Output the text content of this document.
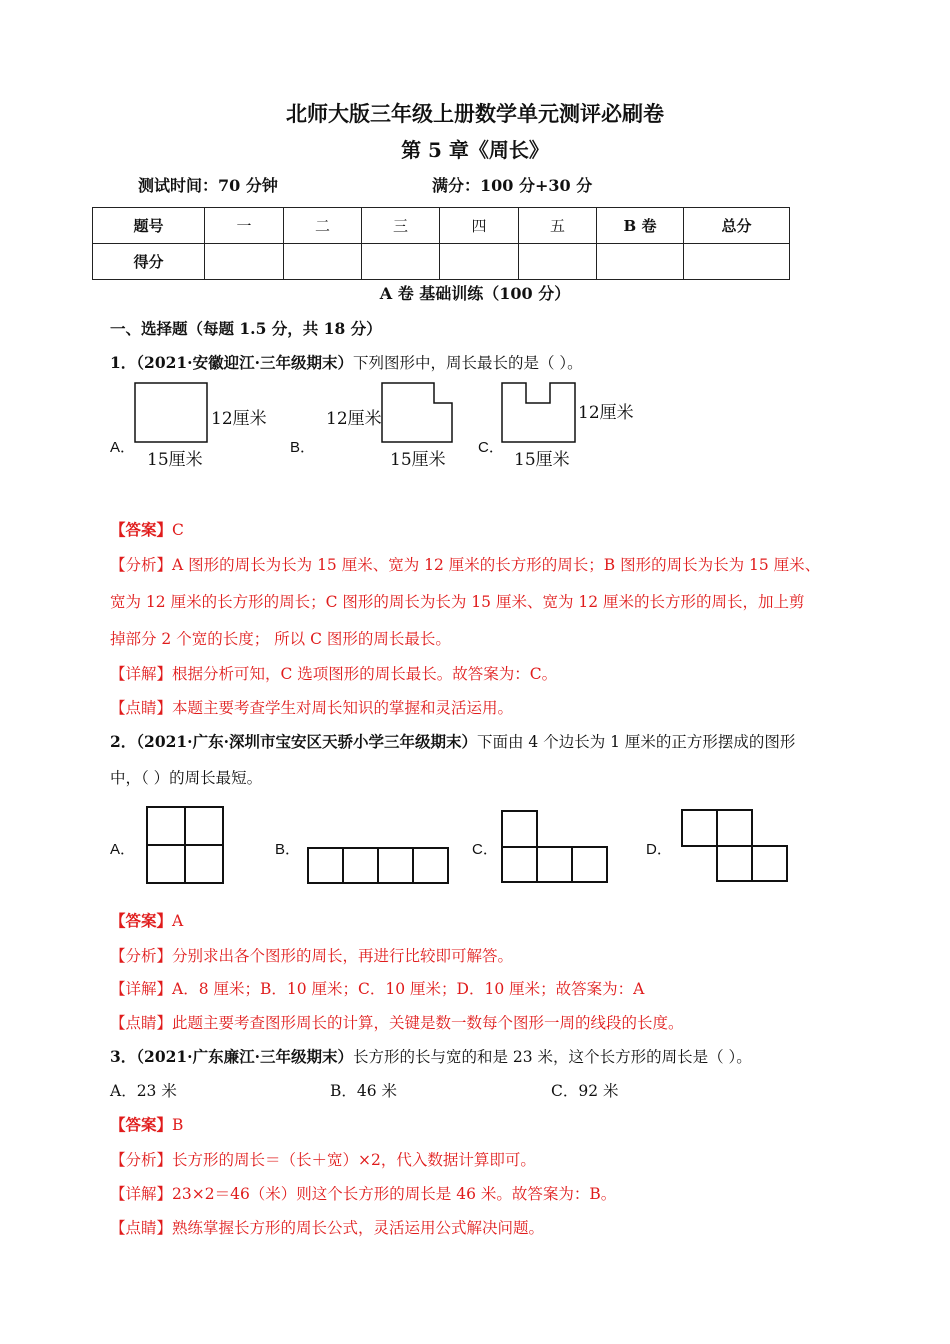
北师大版三年级上册数学单元测评必刷卷
第 5 章《周长》
测试时间：70 分钟	满分：100 分+30 分
题号	一	二	三	四	五	B 卷	总分
得分							
A 卷 基础训练（100 分）
一、选择题（每题 1.5 分，共 18 分）
1．（2021·安徽迎江·三年级期末）下列图形中，周长最长的是（ ）。
A．	B．	C．
12厘米
15厘米
12厘米
15厘米
12厘米
15厘米
【答案】C
【分析】A 图形的周长为长为 15 厘米、宽为 12 厘米的长方形的周长；B 图形的周长为长为 15 厘米、
宽为 12 厘米的长方形的周长；C 图形的周长为长为 15 厘米、宽为 12 厘米的长方形的周长，加上剪
掉部分 2 个宽的长度； 所以 C 图形的周长最长。
【详解】根据分析可知，C 选项图形的周长最长。故答案为：C。
【点睛】本题主要考查学生对周长知识的掌握和灵活运用。
2．（2021·广东·深圳市宝安区天骄小学三年级期末）下面由 4 个边长为 1 厘米的正方形摆成的图形
中，（ ）的周长最短。
A．	B．	C．	D．
【答案】A
【分析】分别求出各个图形的周长，再进行比较即可解答。
【详解】A．8 厘米；B．10 厘米；C．10 厘米；D．10 厘米；故答案为：A
【点睛】此题主要考查图形周长的计算，关键是数一数每个图形一周的线段的长度。
3．（2021·广东廉江·三年级期末）长方形的长与宽的和是 23 米，这个长方形的周长是（ ）。
A．23 米	B．46 米	C．92 米
【答案】B
【分析】长方形的周长＝（长＋宽）×2，代入数据计算即可。
【详解】23×2＝46（米）则这个长方形的周长是 46 米。故答案为：B。
【点睛】熟练掌握长方形的周长公式，灵活运用公式解决问题。
